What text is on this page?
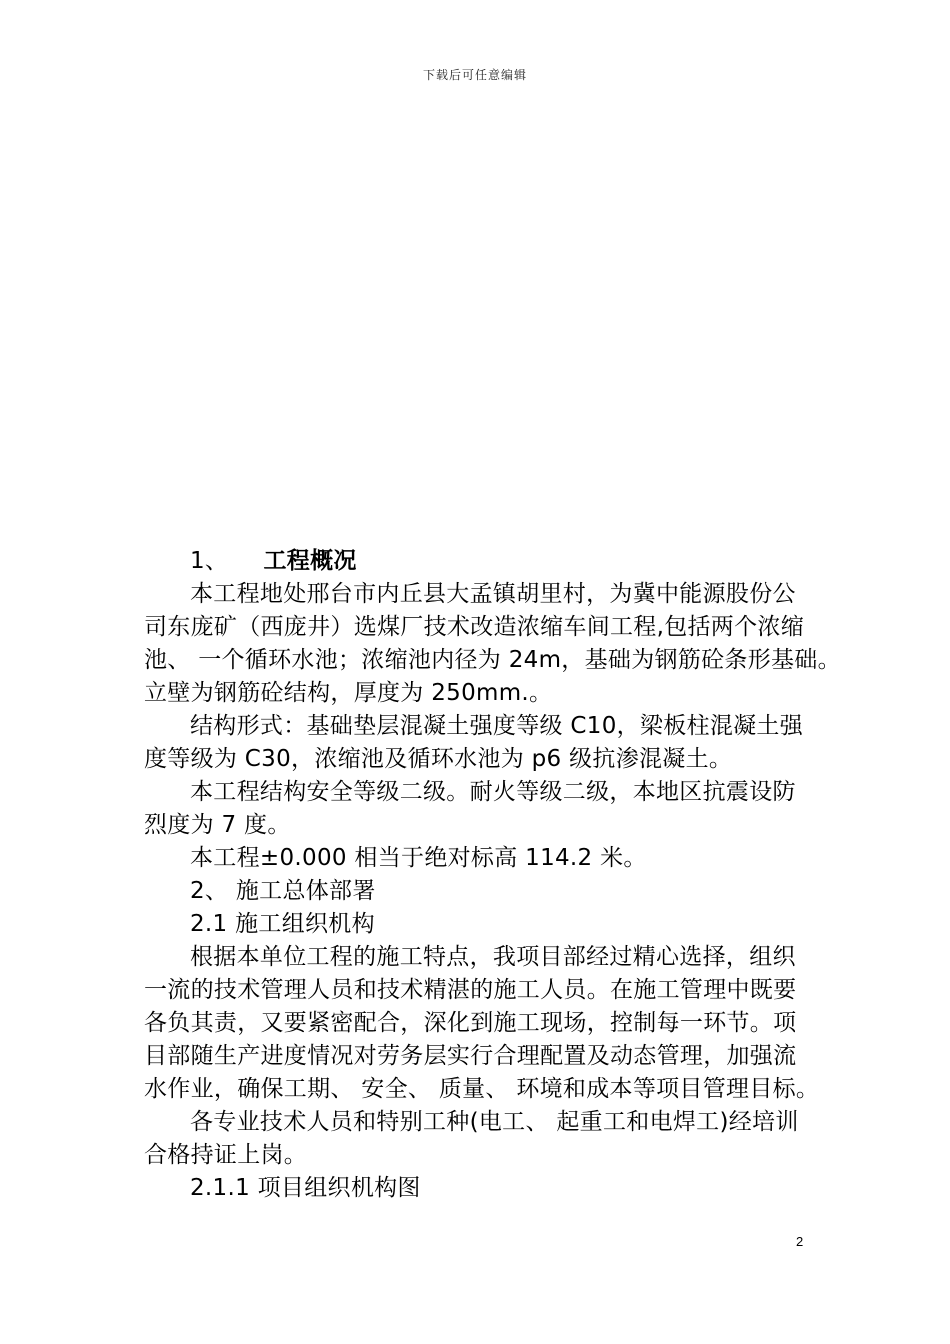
下载后可任意编辑
1、 工程概况
本工程地处邢台市内丘县大孟镇胡里村，为冀中能源股份公
司东庞矿（西庞井）选煤厂技术改造浓缩车间工程,包括两个浓缩
池、 一个循环水池；浓缩池内径为 24m，基础为钢筋砼条形基础。
立壁为钢筋砼结构，厚度为 250mm.。
结构形式：基础垫层混凝土强度等级 C10，梁板柱混凝土强
度等级为 C30，浓缩池及循环水池为 p6 级抗渗混凝土。
本工程结构安全等级二级。耐火等级二级，本地区抗震设防
烈度为 7 度。
本工程±0.000 相当于绝对标高 114.2 米。
2、 施工总体部署
2.1 施工组织机构
根据本单位工程的施工特点，我项目部经过精心选择，组织
一流的技术管理人员和技术精湛的施工人员。在施工管理中既要
各负其责，又要紧密配合，深化到施工现场，控制每一环节。项
目部随生产进度情况对劳务层实行合理配置及动态管理，加强流
水作业，确保工期、 安全、 质量、 环境和成本等项目管理目标。
各专业技术人员和特别工种(电工、 起重工和电焊工)经培训
合格持证上岗。
2.1.1 项目组织机构图
2
